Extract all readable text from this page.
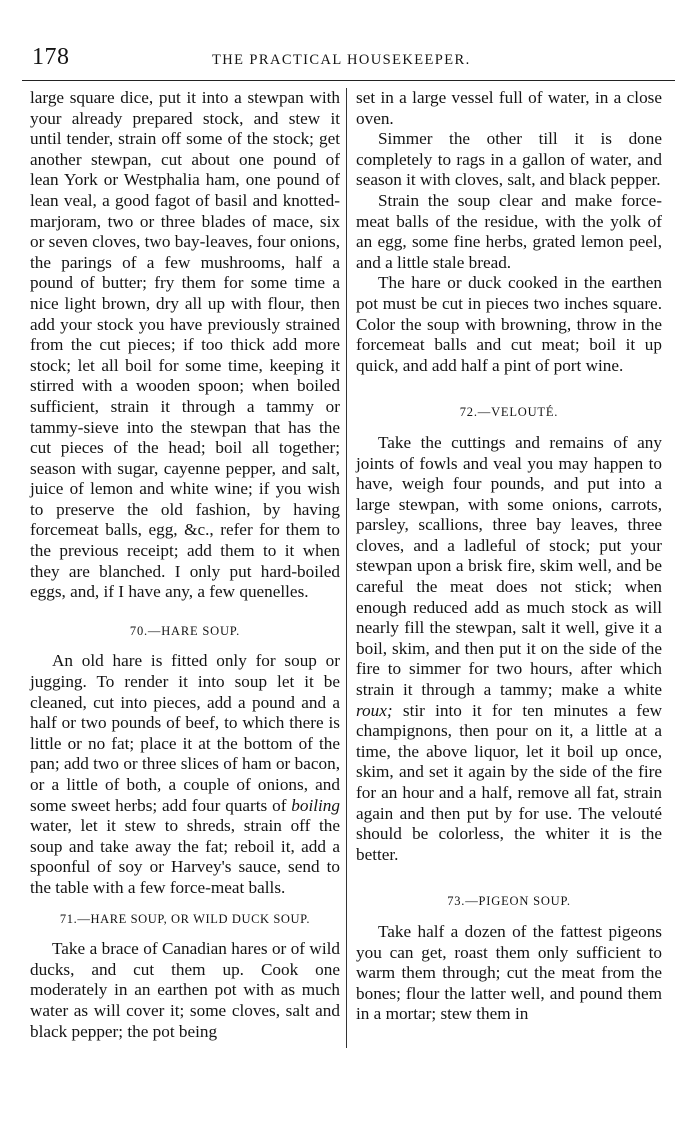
178	THE PRACTICAL HOUSEKEEPER.

large square dice, put it into a stewpan with your already prepared stock, and stew it until tender, strain off some of the stock; get another stewpan, cut about one pound of lean York or Westphalia ham, one pound of lean veal, a good fagot of basil and knotted-marjoram, two or three blades of mace, six or seven cloves, two bay-leaves, four onions, the parings of a few mushrooms, half a pound of butter; fry them for some time a nice light brown, dry all up with flour, then add your stock you have previously strained from the cut pieces; if too thick add more stock; let all boil for some time, keeping it stirred with a wooden spoon; when boiled sufficient, strain it through a tammy or tammy-sieve into the stewpan that has the cut pieces of the head; boil all together; season with sugar, cayenne pepper, and salt, juice of lemon and white wine; if you wish to preserve the old fashion, by having forcemeat balls, egg, &c., refer for them to the previous receipt; add them to it when they are blanched. I only put hard-boiled eggs, and, if I have any, a few quenelles.

70.—HARE SOUP.

An old hare is fitted only for soup or jugging. To render it into soup let it be cleaned, cut into pieces, add a pound and a half or two pounds of beef, to which there is little or no fat; place it at the bottom of the pan; add two or three slices of ham or bacon, or a little of both, a couple of onions, and some sweet herbs; add four quarts of boiling water, let it stew to shreds, strain off the soup and take away the fat; reboil it, add a spoonful of soy or Harvey's sauce, send to the table with a few force-meat balls.

71.—HARE SOUP, OR WILD DUCK SOUP.

Take a brace of Canadian hares or of wild ducks, and cut them up. Cook one moderately in an earthen pot with as much water as will cover it; some cloves, salt and black pepper; the pot being

set in a large vessel full of water, in a close oven.

Simmer the other till it is done completely to rags in a gallon of water, and season it with cloves, salt, and black pepper.

Strain the soup clear and make force-meat balls of the residue, with the yolk of an egg, some fine herbs, grated lemon peel, and a little stale bread.

The hare or duck cooked in the earthen pot must be cut in pieces two inches square. Color the soup with browning, throw in the forcemeat balls and cut meat; boil it up quick, and add half a pint of port wine.

72.—VELOUTÉ.

Take the cuttings and remains of any joints of fowls and veal you may happen to have, weigh four pounds, and put into a large stewpan, with some onions, carrots, parsley, scallions, three bay leaves, three cloves, and a ladleful of stock; put your stewpan upon a brisk fire, skim well, and be careful the meat does not stick; when enough reduced add as much stock as will nearly fill the stewpan, salt it well, give it a boil, skim, and then put it on the side of the fire to simmer for two hours, after which strain it through a tammy; make a white roux; stir into it for ten minutes a few champignons, then pour on it, a little at a time, the above liquor, let it boil up once, skim, and set it again by the side of the fire for an hour and a half, remove all fat, strain again and then put by for use. The velouté should be colorless, the whiter it is the better.

73.—PIGEON SOUP.

Take half a dozen of the fattest pigeons you can get, roast them only sufficient to warm them through; cut the meat from the bones; flour the latter well, and pound them in a mortar; stew them in
